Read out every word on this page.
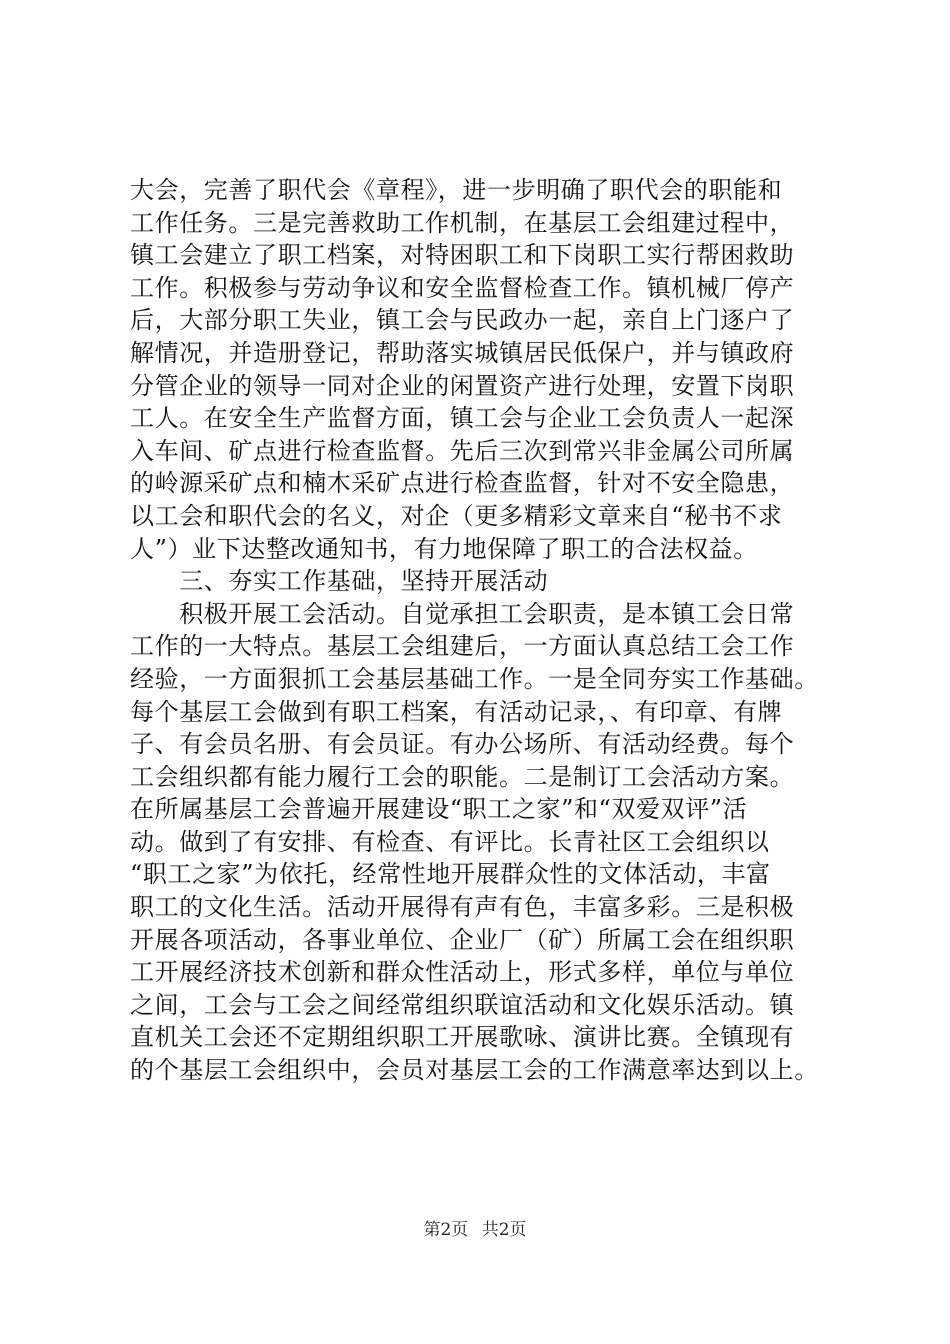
大会，完善了职代会《章程》，进一步明确了职代会的职能和
工作任务。三是完善救助工作机制，在基层工会组建过程中，
镇工会建立了职工档案，对特困职工和下岗职工实行帮困救助
工作。积极参与劳动争议和安全监督检查工作。镇机械厂停产
后，大部分职工失业，镇工会与民政办一起，亲自上门逐户了
解情况，并造册登记，帮助落实城镇居民低保户，并与镇政府
分管企业的领导一同对企业的闲置资产进行处理，安置下岗职
工人。在安全生产监督方面，镇工会与企业工会负责人一起深
入车间、矿点进行检查监督。先后三次到常兴非金属公司所属
的岭源采矿点和楠木采矿点进行检查监督，针对不安全隐患，
以工会和职代会的名义，对企（更多精彩文章来自“秘书不求
人”）业下达整改通知书，有力地保障了职工的合法权益。
　　三、夯实工作基础，坚持开展活动
　　积极开展工会活动。自觉承担工会职责，是本镇工会日常
工作的一大特点。基层工会组建后，一方面认真总结工会工作
经验，一方面狠抓工会基层基础工作。一是全同夯实工作基础。
每个基层工会做到有职工档案，有活动记录，、有印章、有牌
子、有会员名册、有会员证。有办公场所、有活动经费。每个
工会组织都有能力履行工会的职能。二是制订工会活动方案。
在所属基层工会普遍开展建设“职工之家”和“双爱双评”活
动。做到了有安排、有检查、有评比。长青社区工会组织以
“职工之家”为依托，经常性地开展群众性的文体活动，丰富
职工的文化生活。活动开展得有声有色，丰富多彩。三是积极
开展各项活动，各事业单位、企业厂（矿）所属工会在组织职
工开展经济技术创新和群众性活动上，形式多样，单位与单位
之间，工会与工会之间经常组织联谊活动和文化娱乐活动。镇
直机关工会还不定期组织职工开展歌咏、演讲比赛。全镇现有
的个基层工会组织中，会员对基层工会的工作满意率达到以上。
第2页 共2页
